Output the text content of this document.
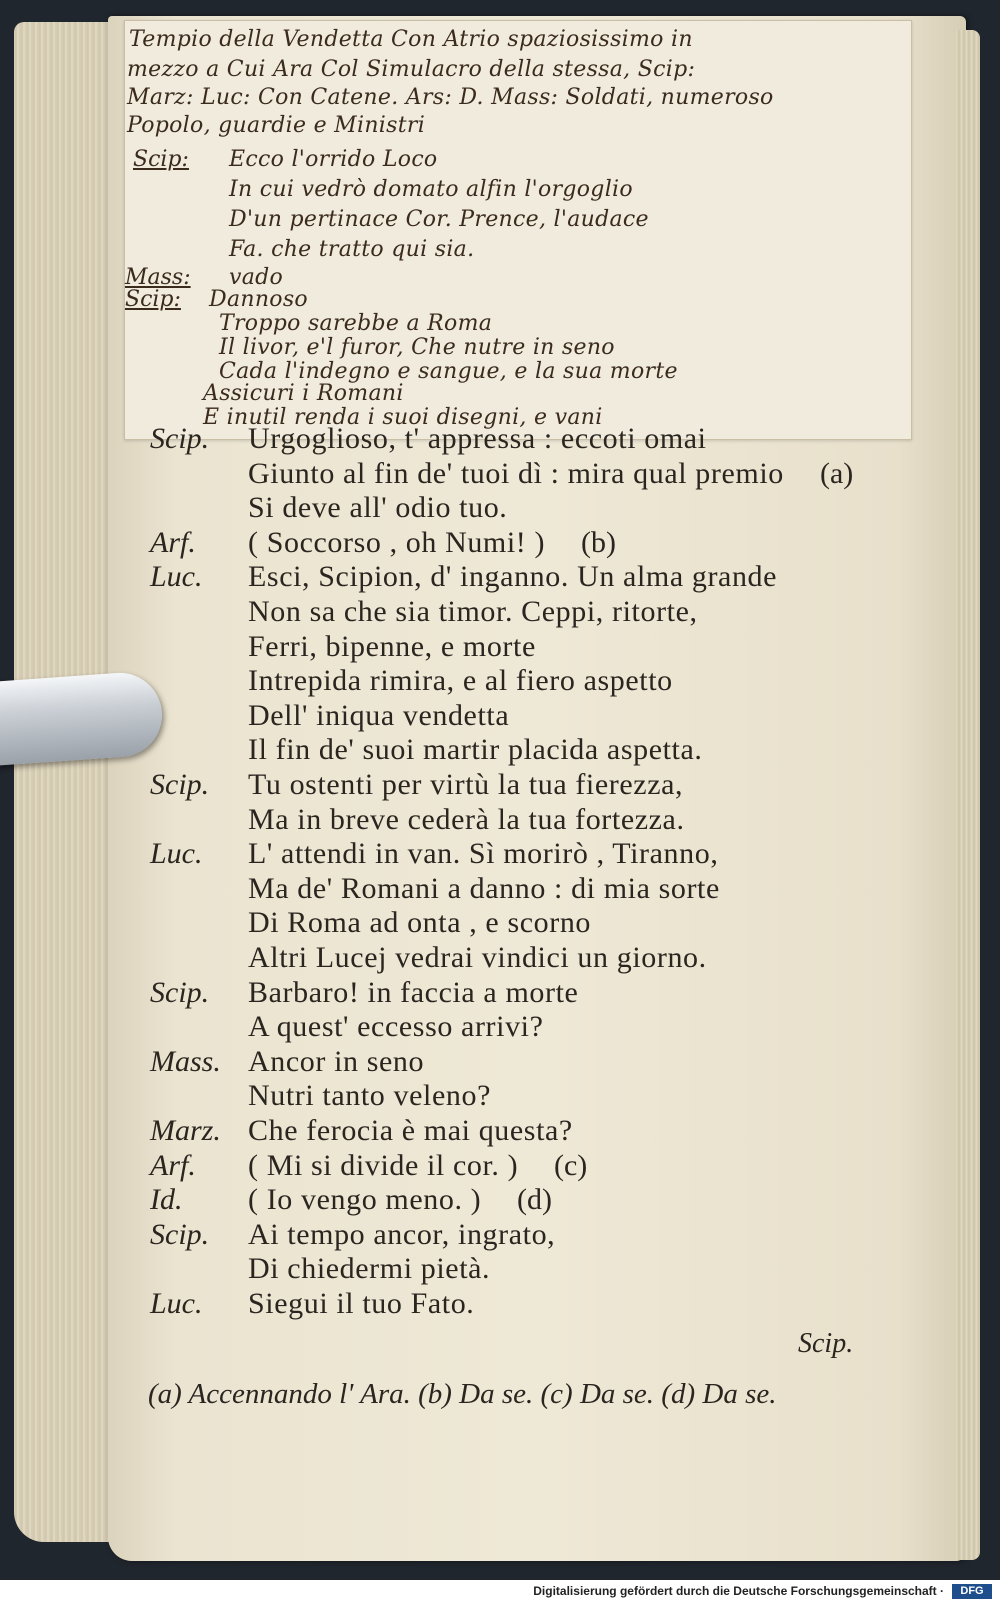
Tempio della Vendetta Con Atrio spaziosissimo in
mezzo a Cui Ara Col Simulacro della stessa, Scip:
Marz: Luc: Con Catene. Ars: D. Mass: Soldati, numeroso
Popolo, guardie e Ministri
Scip: Ecco l'orrido Loco
In cui vedrò domato alfin l'orgoglio
D'un pertinace Cor. Prence, l'audace
Fa. che tratto qui sia.
Mass: vado
Scip: Dannoso
Troppo sarebbe a Roma
Il livor, e'l furor, Che nutre in seno
Cada l'indegno e sangue, e la sua morte
Assicuri i Romani
E inutil renda i suoi disegni, e vani
Scip. Urgoglioso, t' appressa : eccoti omai
Giunto al fin de' tuoi dì : mira qual premio (a)
Si deve all' odio tuo.
Arf. ( Soccorso , oh Numi! ) (b)
Luc. Esci, Scipion, d' inganno. Un alma grande
Non sa che sia timor. Ceppi, ritorte,
Ferri, bipenne, e morte
Intrepida rimira, e al fiero aspetto
Dell' iniqua vendetta
Il fin de' suoi martir placida aspetta.
Scip. Tu ostenti per virtù la tua fierezza,
Ma in breve cederà la tua fortezza.
Luc. L' attendi in van. Sì morirò , Tiranno,
Ma de' Romani a danno : di mia sorte
Di Roma ad onta , e scorno
Altri Lucej vedrai vindici un giorno.
Scip. Barbaro! in faccia a morte
A quest' eccesso arrivi?
Mass. Ancor in seno
Nutri tanto veleno?
Marz. Che ferocia è mai questa?
Arf. ( Mi si divide il cor. ) (c)
Id. ( Io vengo meno. ) (d)
Scip. Ai tempo ancor, ingrato,
Di chiedermi pietà.
Luc. Siegui il tuo Fato.
Scip.
(a) Accennando l' Ara. (b) Da se. (c) Da se. (d) Da se.
Digitalisierung gefördert durch die Deutsche Forschungsgemeinschaft ·	DFG
